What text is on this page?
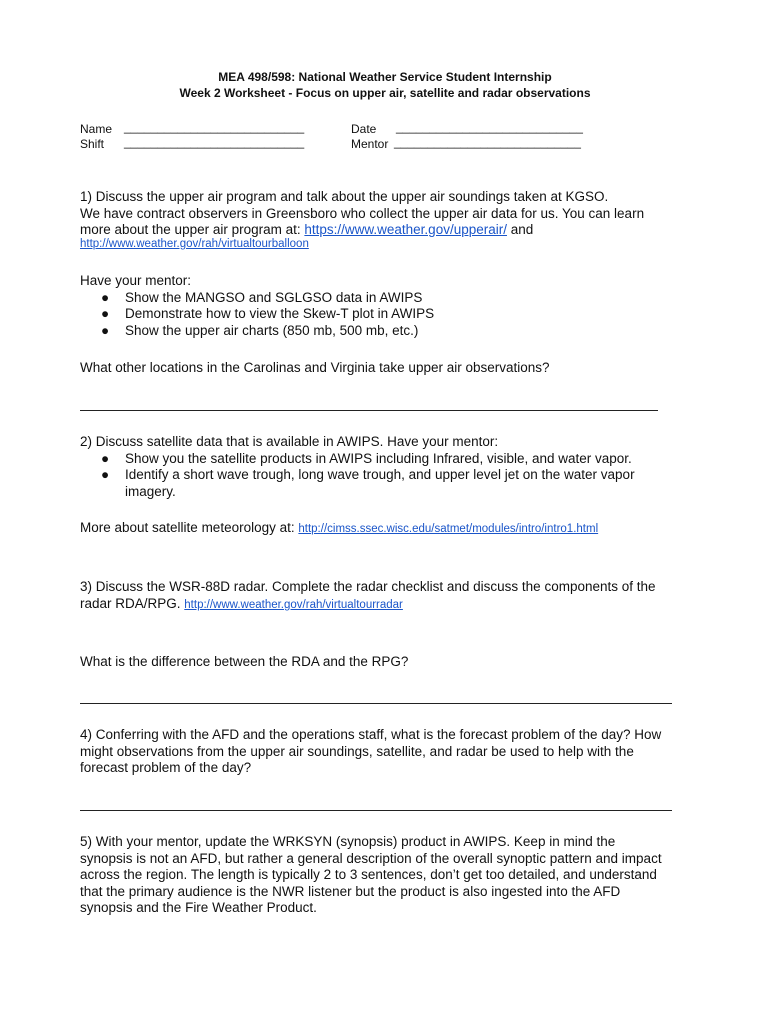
MEA 498/598: National Weather Service Student Internship
Week 2 Worksheet - Focus on upper air, satellite and radar observations
Name ___________________________
Shift ___________________________
Date ____________________________
Mentor ____________________________
1) Discuss the upper air program and talk about the upper air soundings taken at KGSO.
We have contract observers in Greensboro who collect the upper air data for us. You can learn
more about the upper air program at: https://www.weather.gov/upperair/ and
http://www.weather.gov/rah/virtualtourballoon
Have your mentor:
● Show the MANGSO and SGLGSO data in AWIPS
● Demonstrate how to view the Skew-T plot in AWIPS
● Show the upper air charts (850 mb, 500 mb, etc.)
What other locations in the Carolinas and Virginia take upper air observations?
2) Discuss satellite data that is available in AWIPS. Have your mentor:
● Show you the satellite products in AWIPS including Infrared, visible, and water vapor.
● Identify a short wave trough, long wave trough, and upper level jet on the water vapor
imagery.
More about satellite meteorology at: http://cimss.ssec.wisc.edu/satmet/modules/intro/intro1.html
3) Discuss the WSR-88D radar. Complete the radar checklist and discuss the components of the
radar RDA/RPG. http://www.weather.gov/rah/virtualtourradar
What is the difference between the RDA and the RPG?
4) Conferring with the AFD and the operations staff, what is the forecast problem of the day? How
might observations from the upper air soundings, satellite, and radar be used to help with the
forecast problem of the day?
5) With your mentor, update the WRKSYN (synopsis) product in AWIPS. Keep in mind the
synopsis is not an AFD, but rather a general description of the overall synoptic pattern and impact
across the region. The length is typically 2 to 3 sentences, don’t get too detailed, and understand
that the primary audience is the NWR listener but the product is also ingested into the AFD
synopsis and the Fire Weather Product.
